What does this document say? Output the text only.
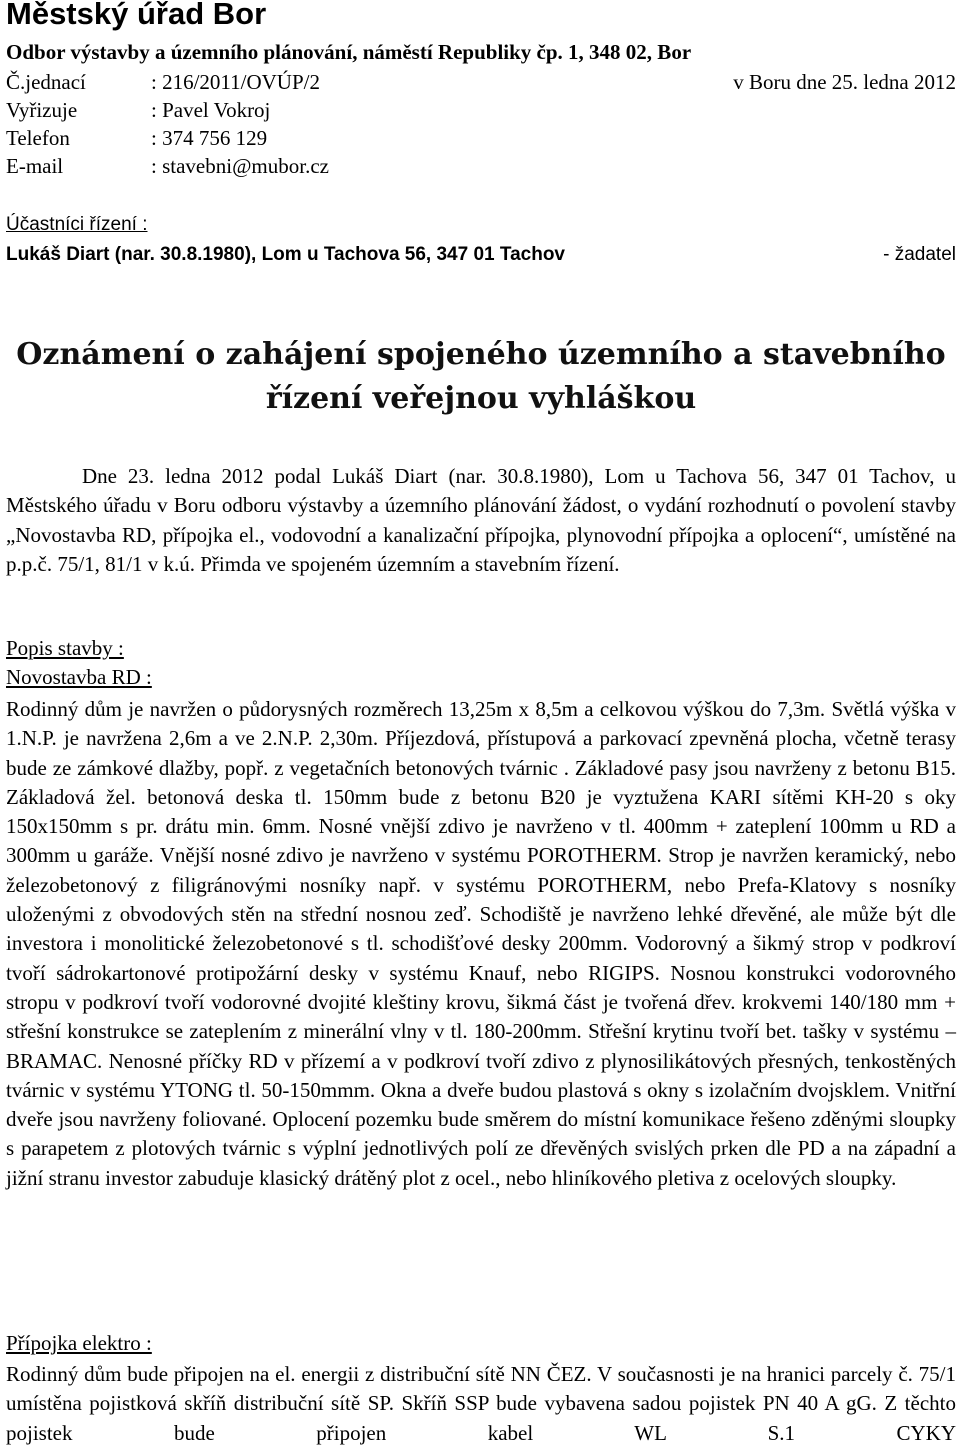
Městský úřad Bor
Odbor výstavby a územního plánování, náměstí Republiky čp. 1, 348 02, Bor
Č.jednací	: 216/2011/OVÚP/2	v Boru dne 25. ledna 2012
Vyřizuje	: Pavel Vokroj
Telefon	: 374 756 129
E-mail	: stavebni@mubor.cz
Účastníci řízení :
Lukáš Diart (nar. 30.8.1980), Lom u Tachova 56, 347 01 Tachov	- žadatel
Oznámení o zahájení spojeného územního a stavebního
řízení veřejnou vyhláškou
Dne 23. ledna 2012 podal Lukáš Diart (nar. 30.8.1980), Lom u Tachova 56, 347 01 Tachov, u Městského úřadu v Boru odboru výstavby a územního plánování žádost, o vydání rozhodnutí o povolení stavby „Novostavba RD, přípojka el., vodovodní a kanalizační přípojka, plynovodní přípojka a oplocení“, umístěné na p.p.č. 75/1, 81/1 v k.ú. Přimda ve spojeném územním a stavebním řízení.
Popis stavby :
Novostavba RD :
Rodinný dům je navržen o půdorysných rozměrech 13,25m x 8,5m a celkovou výškou do 7,3m. Světlá výška v 1.N.P. je navržena 2,6m a ve 2.N.P. 2,30m. Příjezdová, přístupová a parkovací zpevněná plocha, včetně terasy bude ze zámkové dlažby, popř. z vegetačních betonových tvárnic . Základové pasy jsou navrženy z betonu B15. Základová žel. betonová deska tl. 150mm bude z betonu B20 je vyztužena KARI sítěmi KH-20 s oky 150x150mm s pr. drátu min. 6mm. Nosné vnější zdivo je navrženo v tl. 400mm + zateplení 100mm u RD a 300mm u garáže. Vnější nosné zdivo je navrženo v systému POROTHERM. Strop je navržen keramický, nebo železobetonový z filigránovými nosníky např. v systému POROTHERM, nebo Prefa-Klatovy s nosníky uloženými z obvodových stěn na střední nosnou zeď. Schodiště je navrženo lehké dřevěné, ale může být dle investora i monolitické železobetonové s tl. schodišťové desky 200mm. Vodorovný a šikmý strop v podkroví tvoří sádrokartonové protipožární desky v systému Knauf, nebo RIGIPS. Nosnou konstrukci vodorovného stropu v podkroví tvoří vodorovné dvojité kleštiny krovu, šikmá část je tvořená dřev. krokvemi 140/180 mm + střešní konstrukce se zateplením z minerální vlny v tl. 180-200mm. Střešní krytinu tvoří bet. tašky v systému – BRAMAC. Nenosné příčky RD v přízemí a v podkroví tvoří zdivo z plynosilikátových přesných, tenkostěných tvárnic v systému YTONG tl. 50-150mmm. Okna a dveře budou plastová s okny s izolačním dvojsklem. Vnitřní dveře jsou navrženy foliované. Oplocení pozemku bude směrem do místní komunikace řešeno zděnými sloupky s parapetem z plotových tvárnic s výplní jednotlivých polí ze dřevěných svislých prken dle PD a na západní a jižní stranu investor zabuduje klasický drátěný plot z ocel., nebo hliníkového pletiva z ocelových sloupky.
Přípojka elektro :
Rodinný dům bude připojen na el. energii z distribuční sítě NN ČEZ. V současnosti je na hranici parcely č. 75/1 umístěna pojistková skříň distribuční sítě SP. Skříň SSP bude vybavena sadou pojistek PN 40 A gG. Z těchto pojistek bude připojen kabel WL S.1 CYKY
